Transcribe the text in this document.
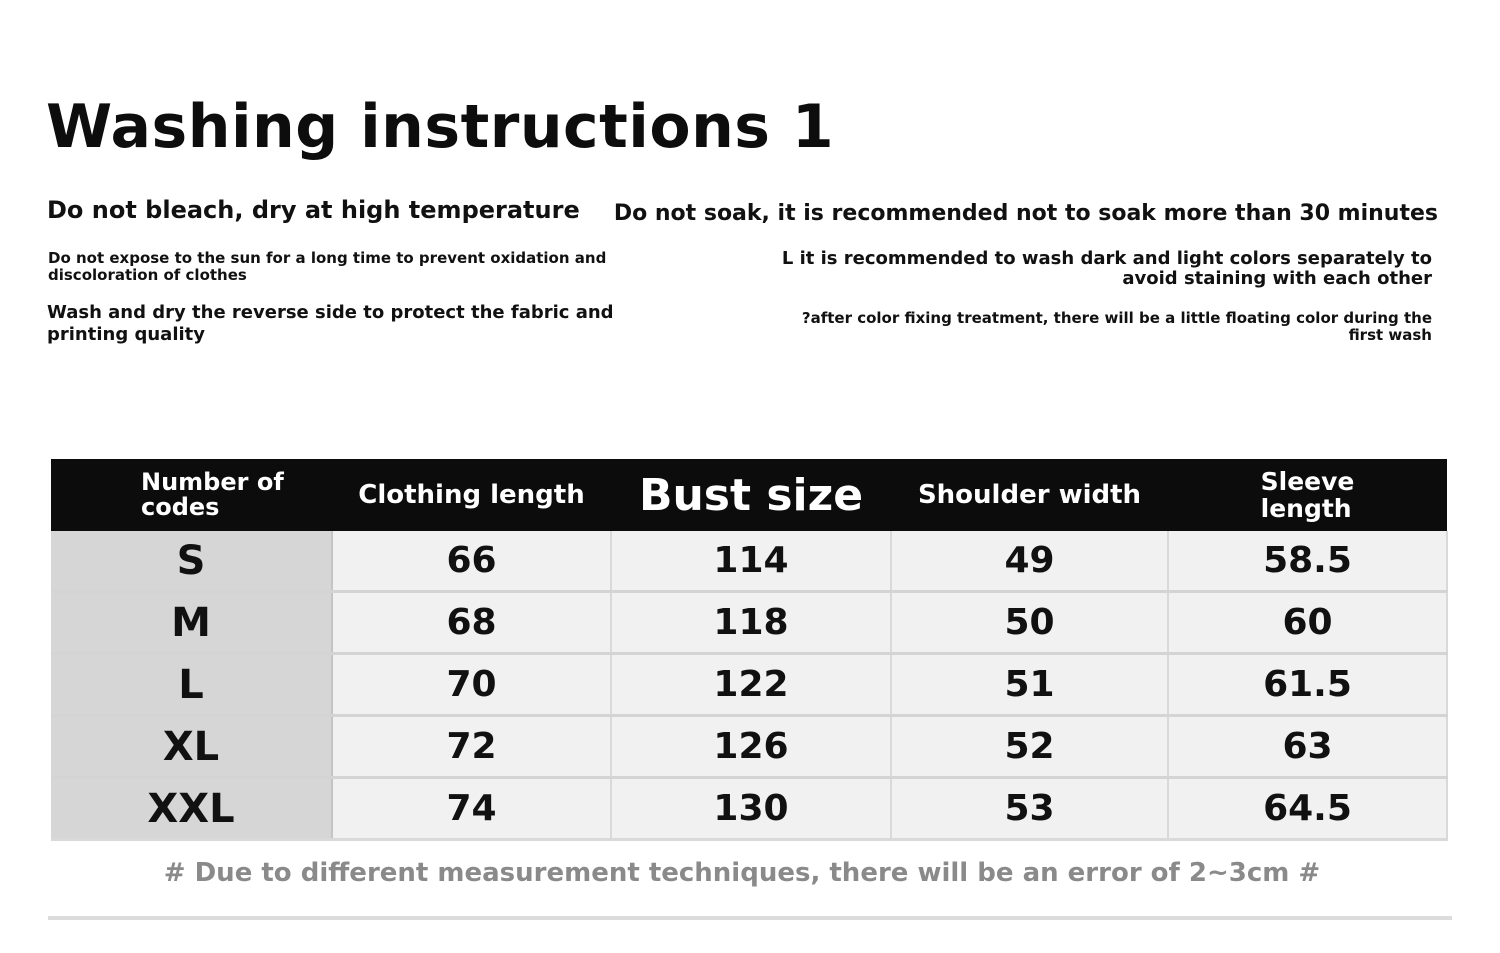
Washing instructions 1
Do not bleach, dry at high temperature Do not soak, it is recommended not to soak more than 30 minutes
Do not expose to the sun for a long time to prevent oxidation and discoloration of clothes
L it is recommended to wash dark and light colors separately to avoid staining with each other
Wash and dry the reverse side to protect the fabric and printing quality
?after color fixing treatment, there will be a little floating color during the first wash
Number of
codes	Clothing length	Bust size	Shoulder width	Sleeve
length
S	66	114	49	58.5
M	68	118	50	60
L	70	122	51	61.5
XL	72	126	52	63
XXL	74	130	53	64.5
# Due to different measurement techniques, there will be an error of 2~3cm #
